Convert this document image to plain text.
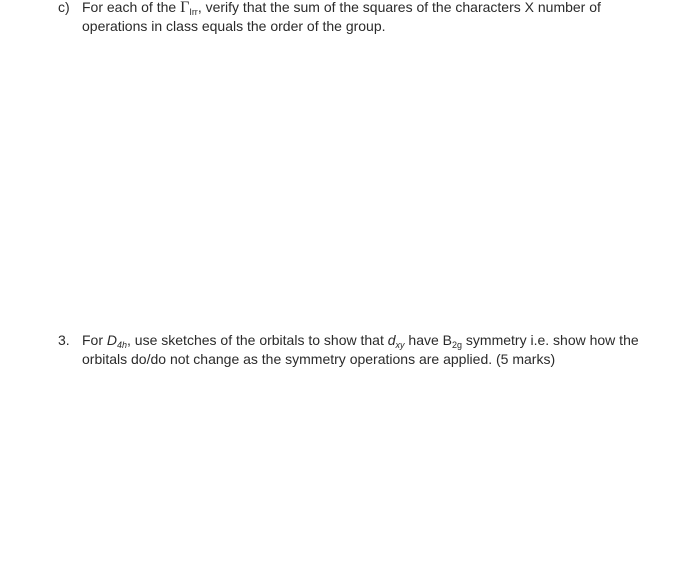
c) For each of the $\Gamma_{Irr}$, verify that the sum of the squares of the characters X number of
operations in class equals the order of the group.
3. For $D_{4h}$, use sketches of the orbitals to show that $d_{xy}$ have $B_{2g}$ symmetry i.e. show how the
orbitals do/do not change as the symmetry operations are applied. (5 marks)
